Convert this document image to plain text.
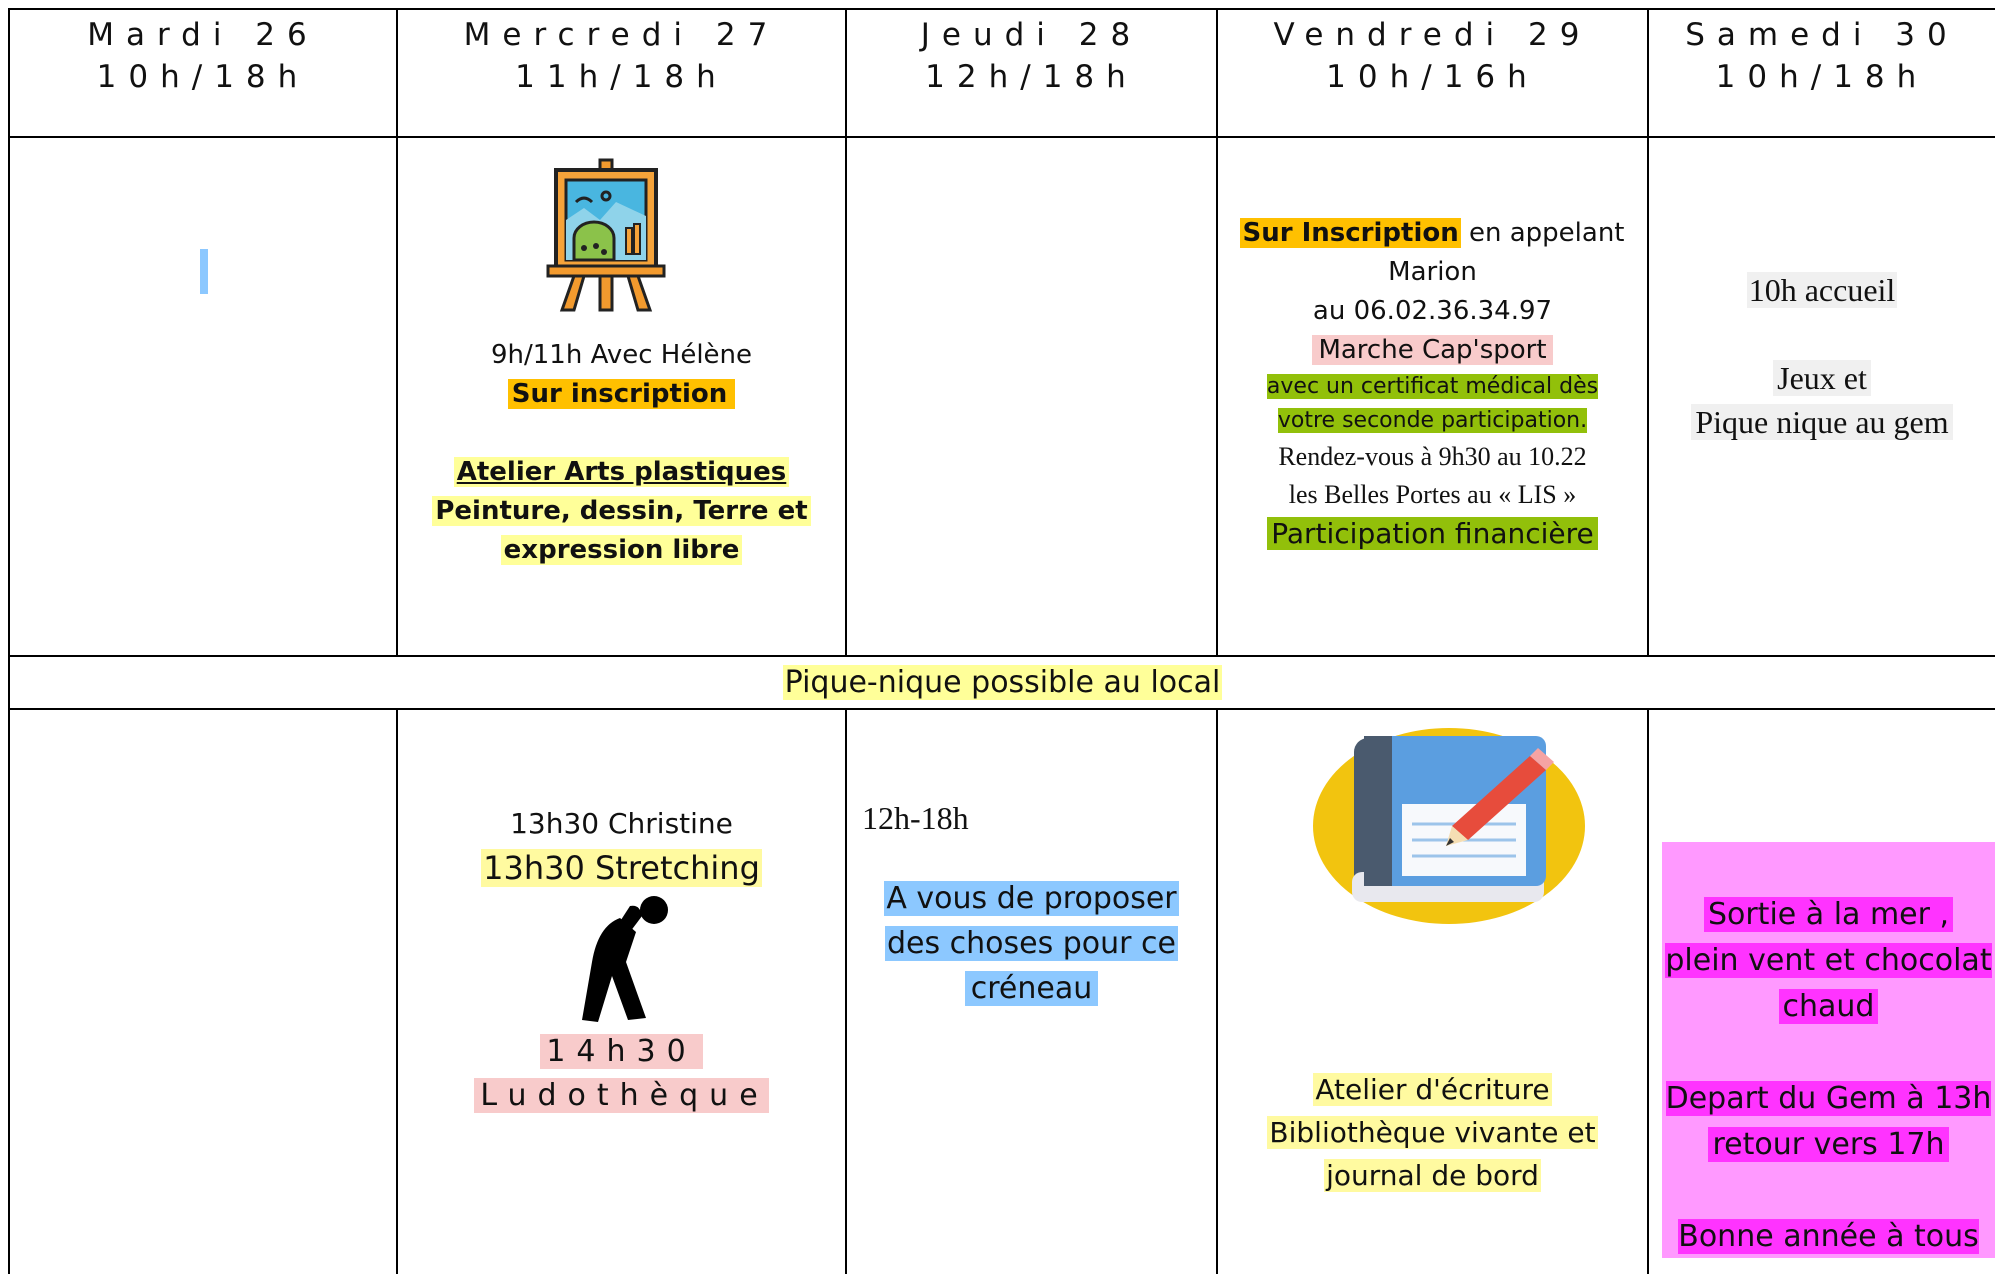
Mardi 26
10h/18h
Mercredi 27
11h/18h
Jeudi 28
12h/18h
Vendredi 29
10h/16h
Samedi 30
10h/18h
9h/11h Avec Hélène
Sur inscription
Atelier Arts plastiques
Peinture, dessin, Terre et
expression libre
Sur Inscription en appelant
Marion
au 06.02.36.34.97
Marche Cap'sport
avec un certificat médical dès
votre seconde participation.
Rendez-vous à 9h30 au 10.22
les Belles Portes au « LIS »
Participation financière
10h accueil
Jeux et
Pique nique au gem
Pique-nique possible au local
13h30 Christine
13h30 Stretching
14h30
Ludothèque
12h-18h
A vous de proposer
des choses pour ce
créneau
Atelier d'écriture
Bibliothèque vivante et
journal de bord
Sortie à la mer ,
plein vent et chocolat
chaud
Depart du Gem à 13h
retour vers 17h
Bonne année à tous
